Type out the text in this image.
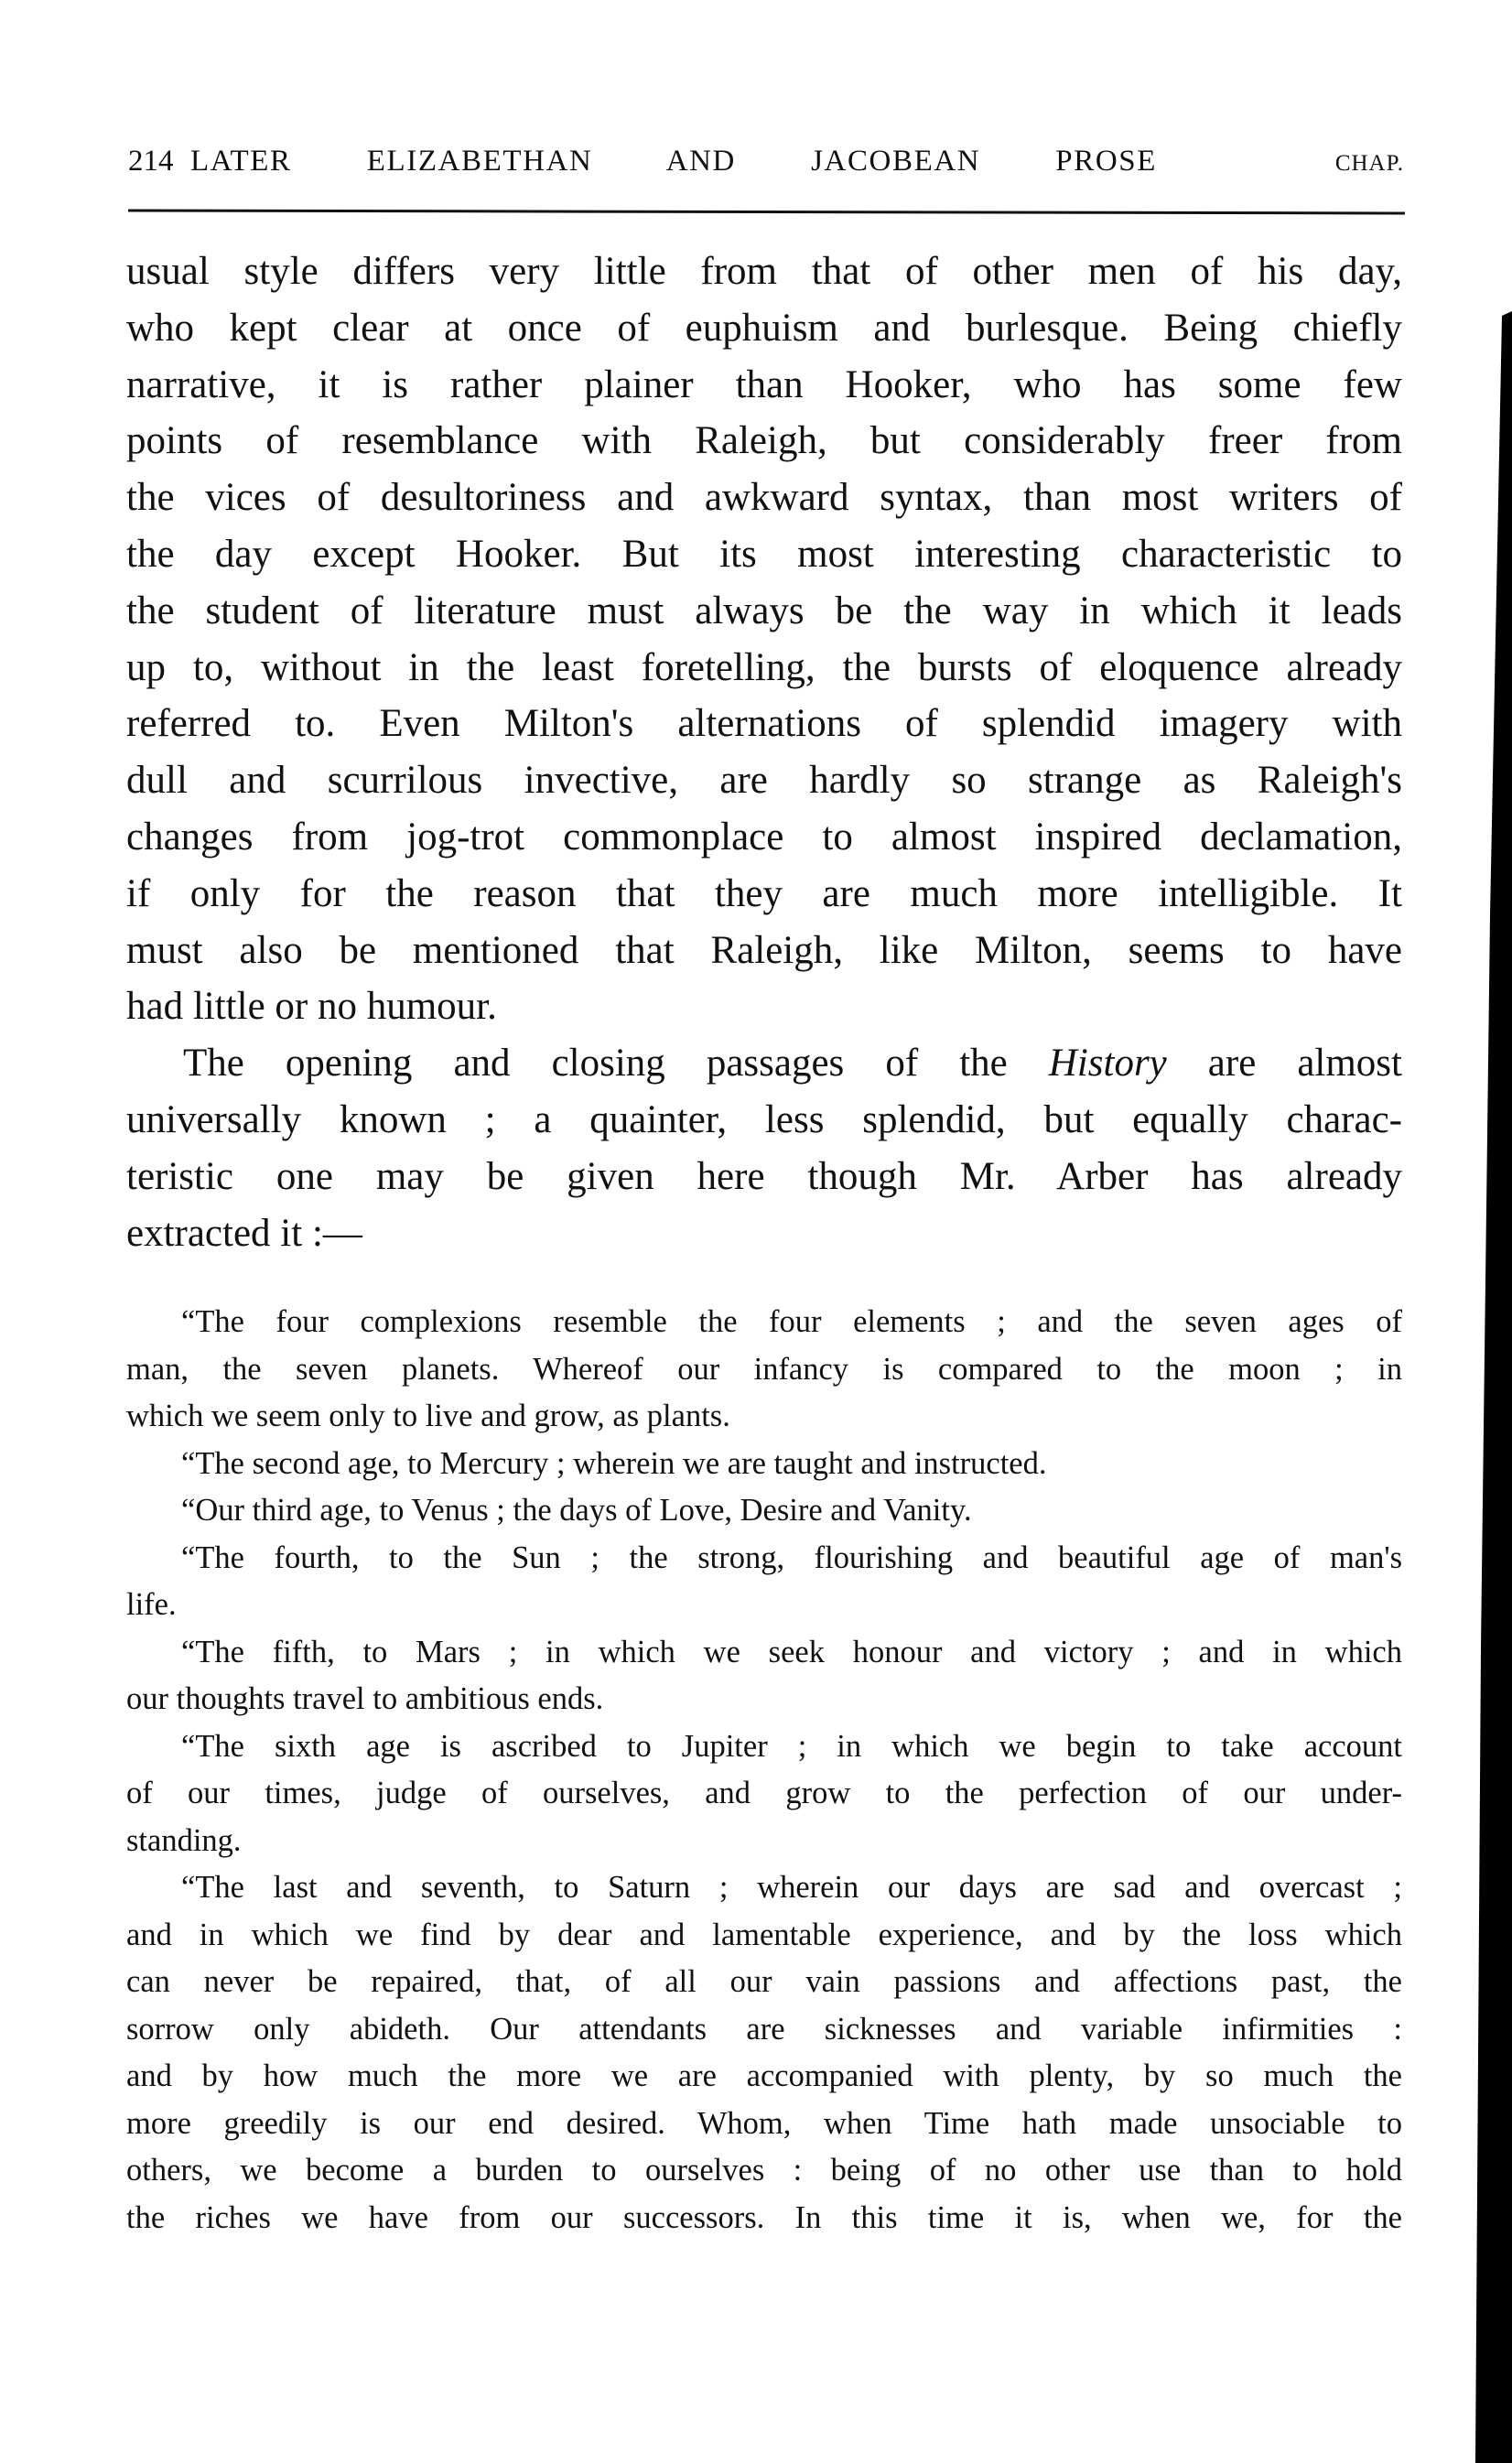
214 LATER ELIZABETHAN AND JACOBEAN PROSE	CHAP.
usual style differs very little from that of other men of his day,
who kept clear at once of euphuism and burlesque. Being chiefly
narrative, it is rather plainer than Hooker, who has some few
points of resemblance with Raleigh, but considerably freer from
the vices of desultoriness and awkward syntax, than most writers of
the day except Hooker. But its most interesting characteristic to
the student of literature must always be the way in which it leads
up to, without in the least foretelling, the bursts of eloquence already
referred to. Even Milton's alternations of splendid imagery with
dull and scurrilous invective, are hardly so strange as Raleigh's
changes from jog-trot commonplace to almost inspired declamation,
if only for the reason that they are much more intelligible. It
must also be mentioned that Raleigh, like Milton, seems to have
had little or no humour.
The opening and closing passages of the History are almost
universally known ; a quainter, less splendid, but equally charac-
teristic one may be given here though Mr. Arber has already
extracted it :—
“The four complexions resemble the four elements ; and the seven ages of
man, the seven planets. Whereof our infancy is compared to the moon ; in
which we seem only to live and grow, as plants.
“The second age, to Mercury ; wherein we are taught and instructed.
“Our third age, to Venus ; the days of Love, Desire and Vanity.
“The fourth, to the Sun ; the strong, flourishing and beautiful age of man's
life.
“The fifth, to Mars ; in which we seek honour and victory ; and in which
our thoughts travel to ambitious ends.
“The sixth age is ascribed to Jupiter ; in which we begin to take account
of our times, judge of ourselves, and grow to the perfection of our under-
standing.
“The last and seventh, to Saturn ; wherein our days are sad and overcast ;
and in which we find by dear and lamentable experience, and by the loss which
can never be repaired, that, of all our vain passions and affections past, the
sorrow only abideth. Our attendants are sicknesses and variable infirmities :
and by how much the more we are accompanied with plenty, by so much the
more greedily is our end desired. Whom, when Time hath made unsociable to
others, we become a burden to ourselves : being of no other use than to hold
the riches we have from our successors. In this time it is, when we, for the
